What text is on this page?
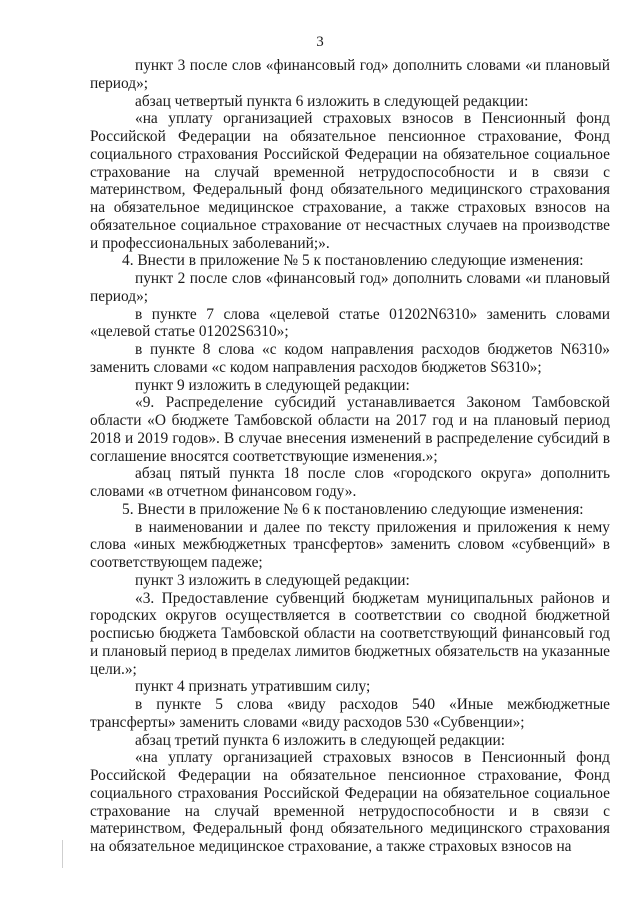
3

пункт 3 после слов «финансовый год» дополнить словами «и плановый период»;

абзац четвертый пункта 6 изложить в следующей редакции:

«на уплату организацией страховых взносов в Пенсионный фонд Российской Федерации на обязательное пенсионное страхование, Фонд социального страхования Российской Федерации на обязательное социальное страхование на случай временной нетрудоспособности и в связи с материнством, Федеральный фонд обязательного медицинского страхования на обязательное медицинское страхование, а также страховых взносов на обязательное социальное страхование от несчастных случаев на производстве и профессиональных заболеваний;».

4. Внести в приложение № 5 к постановлению следующие изменения:

пункт 2 после слов «финансовый год» дополнить словами «и плановый период»;

в пункте 7 слова «целевой статье 01202N6310» заменить словами «целевой статье 01202S6310»;

в пункте 8 слова «с кодом направления расходов бюджетов N6310» заменить словами «с кодом направления расходов бюджетов S6310»;

пункт 9 изложить в следующей редакции:

«9. Распределение субсидий устанавливается Законом Тамбовской области «О бюджете Тамбовской области на 2017 год и на плановый период 2018 и 2019 годов». В случае внесения изменений в распределение субсидий в соглашение вносятся соответствующие изменения.»;

абзац пятый пункта 18 после слов «городского округа» дополнить словами «в отчетном финансовом году».

5. Внести в приложение № 6 к постановлению следующие изменения:

в наименовании и далее по тексту приложения и приложения к нему слова «иных межбюджетных трансфертов» заменить словом «субвенций» в соответствующем падеже;

пункт 3 изложить в следующей редакции:

«3. Предоставление субвенций бюджетам муниципальных районов и городских округов осуществляется в соответствии со сводной бюджетной росписью бюджета Тамбовской области на соответствующий финансовый год и плановый период в пределах лимитов бюджетных обязательств на указанные цели.»;

пункт 4 признать утратившим силу;

в пункте 5 слова «виду расходов 540 «Иные межбюджетные трансферты» заменить словами «виду расходов 530 «Субвенции»;

абзац третий пункта 6 изложить в следующей редакции:

«на уплату организацией страховых взносов в Пенсионный фонд Российской Федерации на обязательное пенсионное страхование, Фонд социального страхования Российской Федерации на обязательное социальное страхование на случай временной нетрудоспособности и в связи с материнством, Федеральный фонд обязательного медицинского страхования на обязательное медицинское страхование, а также страховых взносов на
